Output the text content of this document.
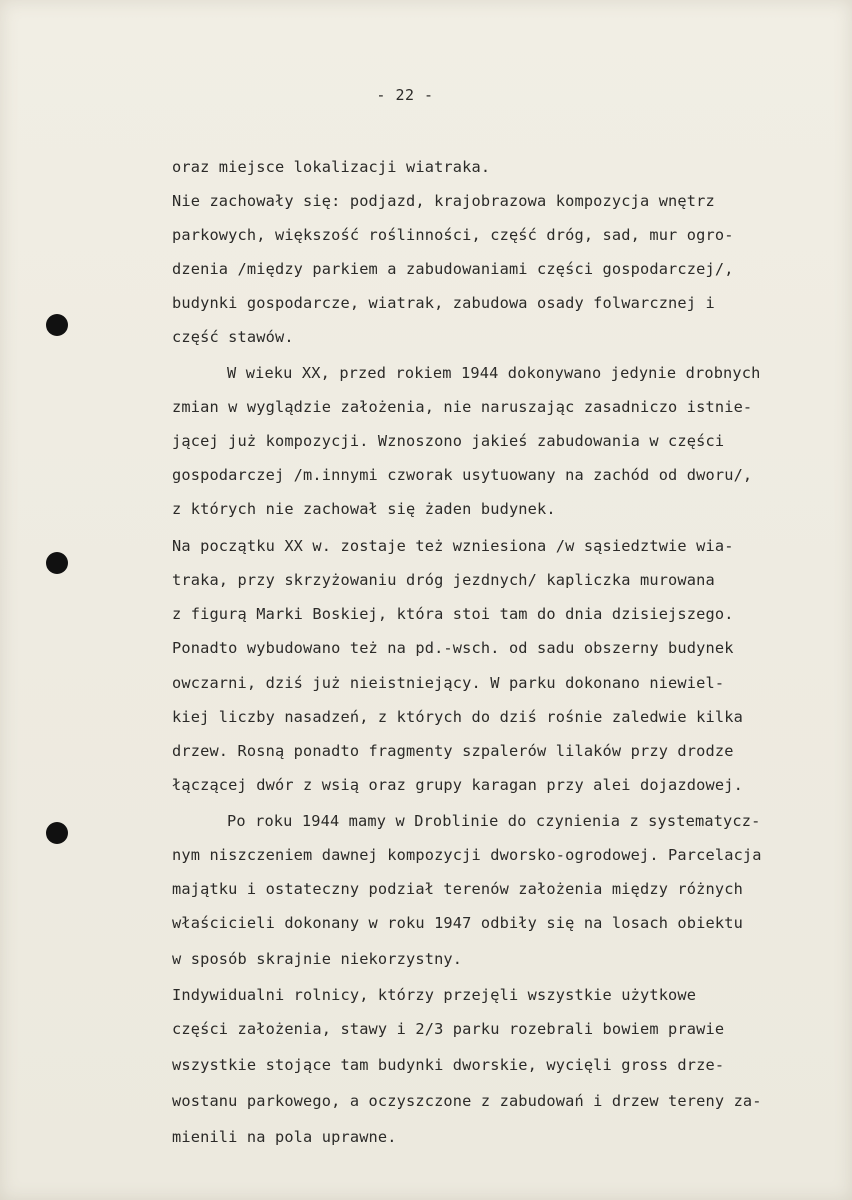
- 22 -
oraz miejsce lokalizacji wiatraka.
Nie zachowały się: podjazd, krajobrazowa kompozycja wnętrz
parkowych, większość roślinności, część dróg, sad, mur ogro-
dzenia /między parkiem a zabudowaniami części gospodarczej/,
budynki gospodarcze, wiatrak, zabudowa osady folwarcznej i
część stawów.
W wieku XX, przed rokiem 1944 dokonywano jedynie drobnych
zmian w wyglądzie założenia, nie naruszając zasadniczo istnie-
jącej już kompozycji. Wznoszono jakieś zabudowania w części
gospodarczej /m.innymi czworak usytuowany na zachód od dworu/,
z których nie zachował się żaden budynek.
Na początku XX w. zostaje też wzniesiona /w sąsiedztwie wia-
traka, przy skrzyżowaniu dróg jezdnych/ kapliczka murowana
z figurą Marki Boskiej, która stoi tam do dnia dzisiejszego.
Ponadto wybudowano też na pd.-wsch. od sadu obszerny budynek
owczarni, dziś już nieistniejący. W parku dokonano niewiel-
kiej liczby nasadzeń, z których do dziś rośnie zaledwie kilka
drzew. Rosną ponadto fragmenty szpalerów lilaków przy drodze
łączącej dwór z wsią oraz grupy karagan przy alei dojazdowej.
Po roku 1944 mamy w Droblinie do czynienia z systematycz-
nym niszczeniem dawnej kompozycji dworsko-ogrodowej. Parcelacja
majątku i ostateczny podział terenów założenia między różnych
właścicieli dokonany w roku 1947 odbiły się na losach obiektu
w sposób skrajnie niekorzystny.
Indywidualni rolnicy, którzy przejęli wszystkie użytkowe
części założenia, stawy i 2/3 parku rozebrali bowiem prawie
wszystkie stojące tam budynki dworskie, wycięli gross drze-
wostanu parkowego, a oczyszczone z zabudowań i drzew tereny za-
mienili na pola uprawne.
